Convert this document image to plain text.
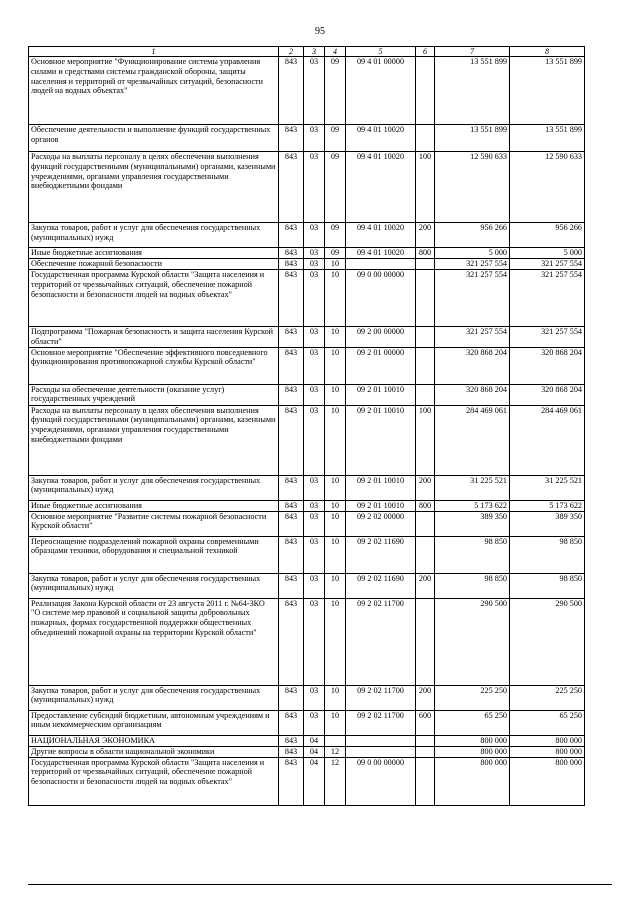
95
1	2	3	4	5	6	7	8
Основное мероприятие "Функционирование системы управления силами и средствами системы гражданской обороны, защиты населения и территорий от чрезвычайных ситуаций, безопасности людей на водных объектах"	843	03	09	09 4 01 00000		13 551 899	13 551 899
Обеспечение деятельности и выполнение функций государственных органов	843	03	09	09 4 01 10020		13 551 899	13 551 899
Расходы на выплаты персоналу в целях обеспечения выполнения функций государственными (муниципальными) органами, казенными учреждениями, органами управления государственными внебюджетными фондами	843	03	09	09 4 01 10020	100	12 590 633	12 590 633
Закупка товаров, работ и услуг для обеспечения государственных (муниципальных) нужд	843	03	09	09 4 01 10020	200	956 266	956 266
Иные бюджетные ассигнования	843	03	09	09 4 01 10020	800	5 000	5 000
Обеспечение пожарной безопасности	843	03	10			321 257 554	321 257 554
Государственная программа Курской области "Защита населения и территорий от чрезвычайных ситуаций, обеспечение пожарной безопасности и безопасности людей на водных объектах"	843	03	10	09 0 00 00000		321 257 554	321 257 554
Подпрограмма "Пожарная безопасность и защита населения Курской области"	843	03	10	09 2 00 00000		321 257 554	321 257 554
Основное мероприятие "Обеспечение эффективного повседневного функционирования противопожарной службы Курской области"	843	03	10	09 2 01 00000		320 868 204	320 868 204
Расходы на обеспечение деятельности (оказание услуг) государственных учреждений	843	03	10	09 2 01 10010		320 868 204	320 868 204
Расходы на выплаты персоналу в целях обеспечения выполнения функций государственными (муниципальными) органами, казенными учреждениями, органами управления государственными внебюджетными фондами	843	03	10	09 2 01 10010	100	284 469 061	284 469 061
Закупка товаров, работ и услуг для обеспечения государственных (муниципальных) нужд	843	03	10	09 2 01 10010	200	31 225 521	31 225 521
Иные бюджетные ассигнования	843	03	10	09 2 01 10010	800	5 173 622	5 173 622
Основное мероприятие "Развитие системы пожарной безопасности Курской области"	843	03	10	09 2 02 00000		389 350	389 350
Переоснащение подразделений пожарной охраны современными образцами техники, оборудования и специальной техникой	843	03	10	09 2 02 11690		98 850	98 850
Закупка товаров, работ и услуг для обеспечения государственных (муниципальных) нужд	843	03	10	09 2 02 11690	200	98 850	98 850
Реализация Закона Курской области от 23 августа 2011 г. №64-ЗКО "О системе мер правовой и социальной защиты добровольных пожарных, формах государственной поддержки общественных объединений пожарной охраны на территории Курской области"	843	03	10	09 2 02 11700		290 500	290 500
Закупка товаров, работ и услуг для обеспечения государственных (муниципальных) нужд	843	03	10	09 2 02 11700	200	225 250	225 250
Предоставление субсидий бюджетным, автономным учреждениям и иным некоммерческим организациям	843	03	10	09 2 02 11700	600	65 250	65 250
НАЦИОНАЛЬНАЯ ЭКОНОМИКА	843	04				800 000	800 000
Другие вопросы в области национальной экономики	843	04	12			800 000	800 000
Государственная программа Курской области "Защита населения и территорий от чрезвычайных ситуаций, обеспечение пожарной безопасности и безопасности людей на водных объектах"	843	04	12	09 0 00 00000		800 000	800 000
